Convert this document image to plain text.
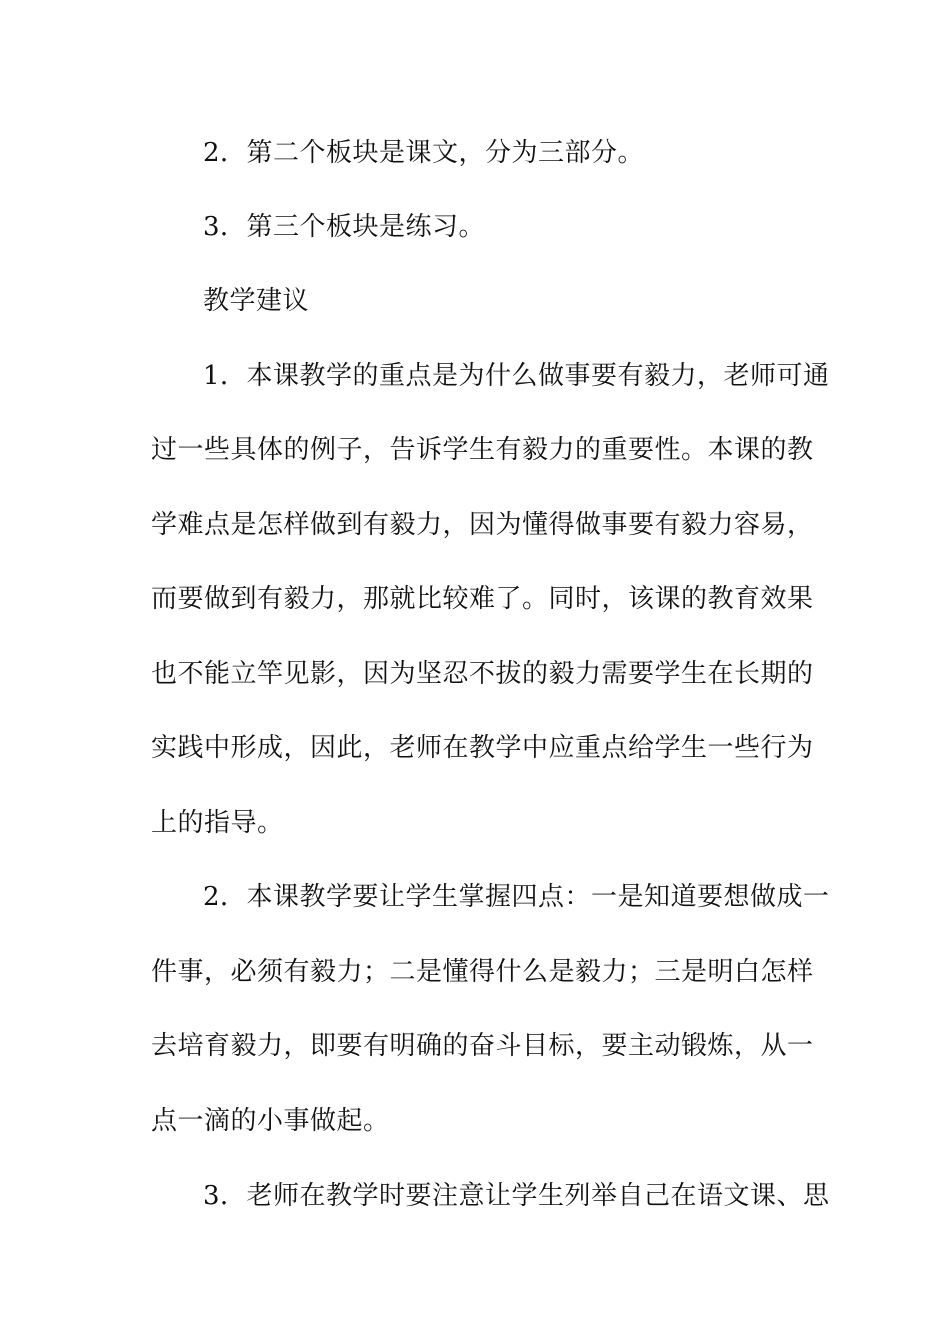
2．第二个板块是课文，分为三部分。
3．第三个板块是练习。
教学建议
1．本课教学的重点是为什么做事要有毅力，老师可通
过一些具体的例子，告诉学生有毅力的重要性。本课的教
学难点是怎样做到有毅力，因为懂得做事要有毅力容易，
而要做到有毅力，那就比较难了。同时，该课的教育效果
也不能立竿见影，因为坚忍不拔的毅力需要学生在长期的
实践中形成，因此，老师在教学中应重点给学生一些行为
上的指导。
2．本课教学要让学生掌握四点：一是知道要想做成一
件事，必须有毅力；二是懂得什么是毅力；三是明白怎样
去培育毅力，即要有明确的奋斗目标，要主动锻炼，从一
点一滴的小事做起。
3．老师在教学时要注意让学生列举自己在语文课、思
